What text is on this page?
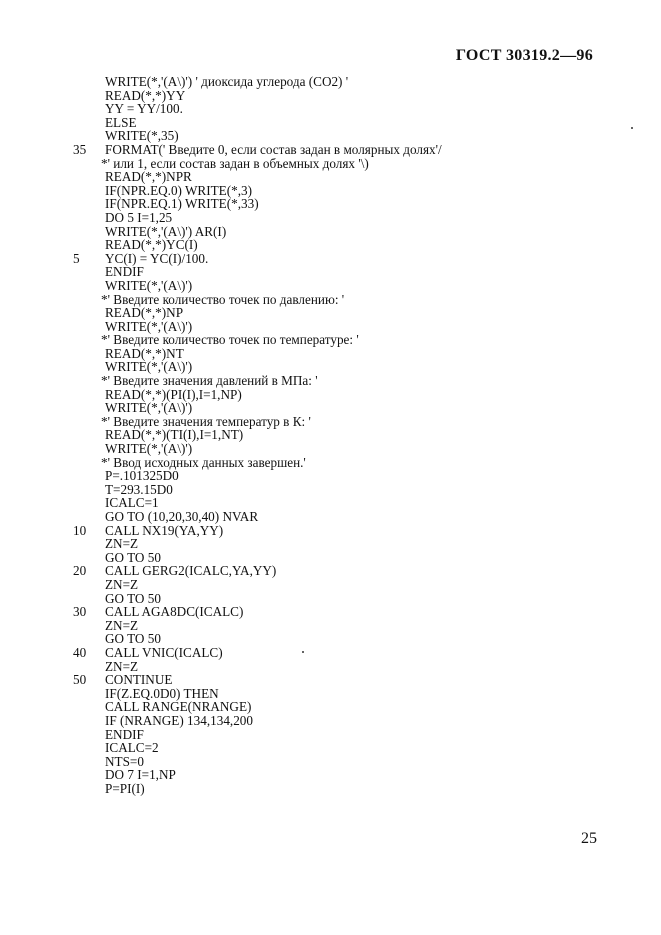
ГОСТ 30319.2—96
WRITE(*,'(A\)') ' диоксида углерода (CO2) '
READ(*,*)YY
YY = YY/100.
ELSE
WRITE(*,35)
35 FORMAT(' Введите 0, если состав задан в молярных долях'/
*' или 1, если состав задан в объемных долях '\)
READ(*,*)NPR
IF(NPR.EQ.0) WRITE(*,3)
IF(NPR.EQ.1) WRITE(*,33)
DO 5 I=1,25
WRITE(*,'(A\)') AR(I)
READ(*,*)YC(I)
5 YC(I) = YC(I)/100.
ENDIF
WRITE(*,'(A\)')
*' Введите количество точек по давлению: '
READ(*,*)NP
WRITE(*,'(A\)')
*' Введите количество точек по температуре: '
READ(*,*)NT
WRITE(*,'(A\)')
*' Введите значения давлений в МПа: '
READ(*,*)(PI(I),I=1,NP)
WRITE(*,'(A\)')
*' Введите значения температур в К: '
READ(*,*)(TI(I),I=1,NT)
WRITE(*,'(A\)')
*' Ввод исходных данных завершен.'
P=.101325D0
T=293.15D0
ICALC=1
GO TO (10,20,30,40) NVAR
10 CALL NX19(YA,YY)
ZN=Z
GO TO 50
20 CALL GERG2(ICALC,YA,YY)
ZN=Z
GO TO 50
30 CALL AGA8DC(ICALC)
ZN=Z
GO TO 50
40 CALL VNIC(ICALC)
ZN=Z
50 CONTINUE
IF(Z.EQ.0D0) THEN
CALL RANGE(NRANGE)
IF (NRANGE) 134,134,200
ENDIF
ICALC=2
NTS=0
DO 7 I=1,NP
P=PI(I)
25
